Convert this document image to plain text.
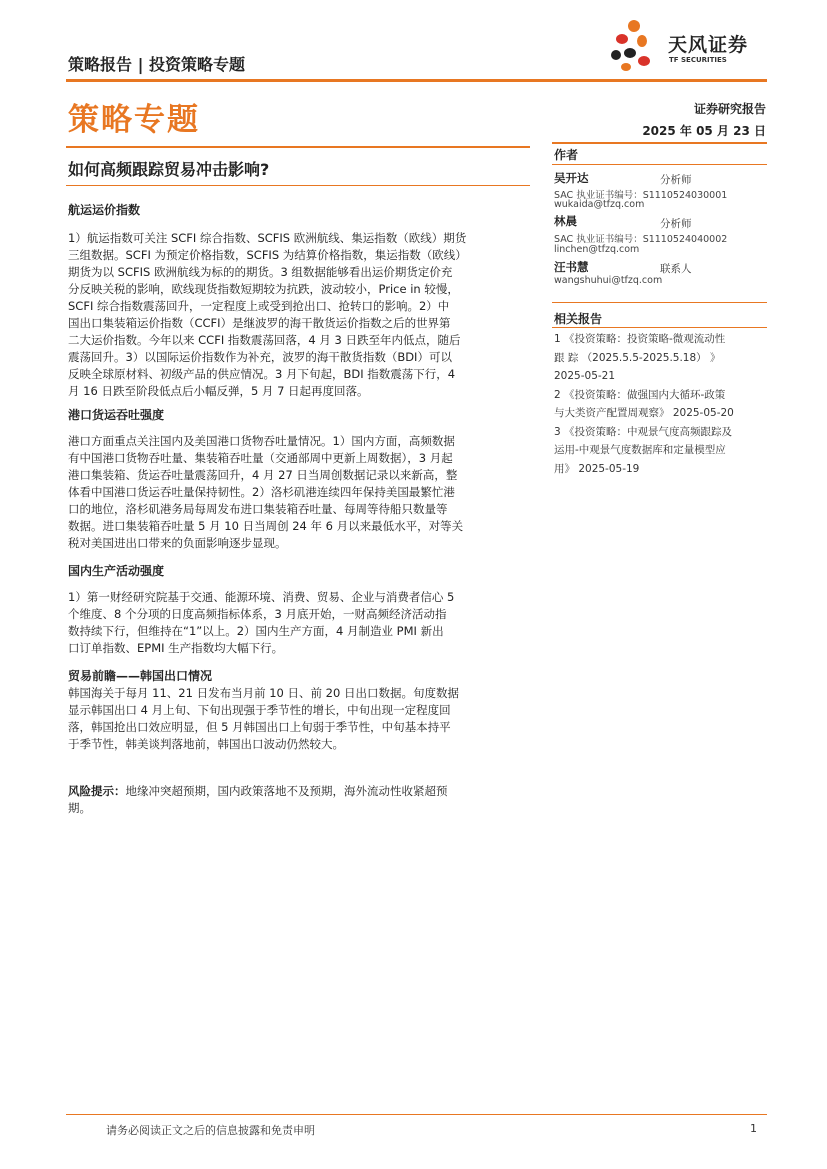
策略报告 | 投资策略专题
天风证券
TF SECURITIES
策略专题	证券研究报告
2025 年 05 月 23 日
如何高频跟踪贸易冲击影响?
航运运价指数
1）航运指数可关注 SCFI 综合指数、SCFIS 欧洲航线、集运指数（欧线）期货
三组数据。SCFI 为预定价格指数，SCFIS 为结算价格指数，集运指数（欧线）
期货为以 SCFIS 欧洲航线为标的的期货。3 组数据能够看出运价期货定价充
分反映关税的影响，欧线现货指数短期较为抗跌，波动较小，Price in 较慢，
SCFI 综合指数震荡回升，一定程度上或受到抢出口、抢转口的影响。2）中
国出口集装箱运价指数（CCFI）是继波罗的海干散货运价指数之后的世界第
二大运价指数。今年以来 CCFI 指数震荡回落，4 月 3 日跌至年内低点，随后
震荡回升。3）以国际运价指数作为补充，波罗的海干散货指数（BDI）可以
反映全球原材料、初级产品的供应情况。3 月下旬起，BDI 指数震荡下行，4
月 16 日跌至阶段低点后小幅反弹，5 月 7 日起再度回落。
港口货运吞吐强度
港口方面重点关注国内及美国港口货物吞吐量情况。1）国内方面，高频数据
有中国港口货物吞吐量、集装箱吞吐量（交通部周中更新上周数据），3 月起
港口集装箱、货运吞吐量震荡回升，4 月 27 日当周创数据记录以来新高，整
体看中国港口货运吞吐量保持韧性。2）洛杉矶港连续四年保持美国最繁忙港
口的地位，洛杉矶港务局每周发布进口集装箱吞吐量、每周等待船只数量等
数据。进口集装箱吞吐量 5 月 10 日当周创 24 年 6 月以来最低水平，对等关
税对美国进出口带来的负面影响逐步显现。
国内生产活动强度
1）第一财经研究院基于交通、能源环境、消费、贸易、企业与消费者信心 5
个维度、8 个分项的日度高频指标体系，3 月底开始，一财高频经济活动指
数持续下行，但维持在“1”以上。2）国内生产方面，4 月制造业 PMI 新出
口订单指数、EPMI 生产指数均大幅下行。
贸易前瞻——韩国出口情况
韩国海关于每月 11、21 日发布当月前 10 日、前 20 日出口数据。旬度数据
显示韩国出口 4 月上旬、下旬出现强于季节性的增长，中旬出现一定程度回
落，韩国抢出口效应明显，但 5 月韩国出口上旬弱于季节性，中旬基本持平
于季节性，韩美谈判落地前，韩国出口波动仍然较大。
风险提示：地缘冲突超预期，国内政策落地不及预期，海外流动性收紧超预
期。
作者
吴开达	分析师
SAC 执业证书编号：S1110524030001
wukaida@tfzq.com
林晨	分析师
SAC 执业证书编号：S1110524040002
linchen@tfzq.com
汪书慧	联系人
wangshuhui@tfzq.com
相关报告
1 《投资策略：投资策略-微观流动性
跟 踪 （2025.5.5-2025.5.18） 》
2025-05-21
2 《投资策略：做强国内大循环-政策
与大类资产配置周观察》 2025-05-20
3 《投资策略：中观景气度高频跟踪及
运用-中观景气度数据库和定量模型应
用》 2025-05-19
请务必阅读正文之后的信息披露和免责申明	1
